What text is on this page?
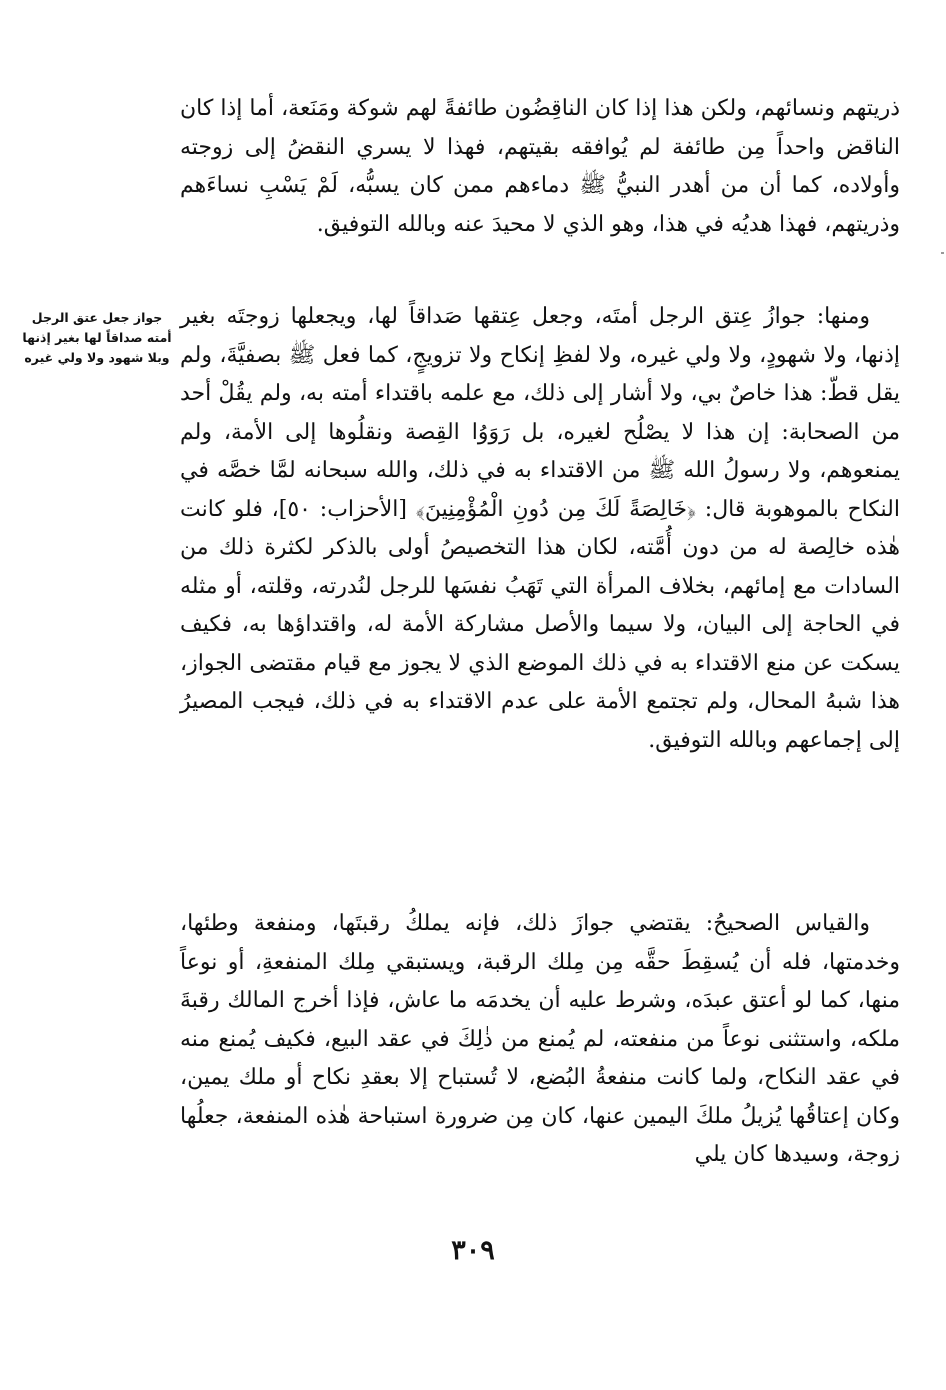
ذريتهم ونسائهم، ولكن هذا إذا كان الناقِضُون طائفةً لهم شوكة ومَنَعة، أما إذا كان الناقض واحداً مِن طائفة لم يُوافقه بقيتهم، فهذا لا يسري النقضُ إلى زوجته وأولاده، كما أن من أهدر النبيُّ ﷺ دماءهم ممن كان يسبُّه، لَمْ يَسْبِ نساءَهم وذريتهم، فهذا هديُه في هذا، وهو الذي لا محيدَ عنه وبالله التوفيق.

جواز جعل عتق الرجل أمته صداقاً لها بغير إذنها وبلا شهود ولا ولي غيره

ومنها: جوازُ عِتق الرجل أمتَه، وجعل عِتقها صَداقاً لها، ويجعلها زوجتَه بغير إذنها، ولا شهودٍ، ولا ولي غيره، ولا لفظِ إنكاح ولا تزويجٍ، كما فعل ﷺ بصفيَّةَ، ولم يقل قطّ: هذا خاصٌ بي، ولا أشار إلى ذلك، مع علمه باقتداء أمته به، ولم يقُلْ أحد من الصحابة: إن هذا لا يصْلُح لغيره، بل رَوَوُا القِصة ونقلُوها إلى الأمة، ولم يمنعوهم، ولا رسولُ الله ﷺ من الاقتداء به في ذلك، والله سبحانه لمَّا خصَّه في النكاح بالموهوبة قال: ﴿خَالِصَةً لَكَ مِن دُونِ الْمُؤْمِنِينَ﴾ [الأحزاب: ٥٠]، فلو كانت هٰذه خالِصة له من دون أُمَّته، لكان هذا التخصيصُ أولى بالذكر لكثرة ذلك من السادات مع إمائهم، بخلاف المرأة التي تَهَبُ نفسَها للرجل لنُدرته، وقلته، أو مثله في الحاجة إلى البيان، ولا سيما والأصل مشاركة الأمة له، واقتداؤها به، فكيف يسكت عن منع الاقتداء به في ذلك الموضع الذي لا يجوز مع قيام مقتضى الجواز، هذا شبهُ المحال، ولم تجتمع الأمة على عدم الاقتداء به في ذلك، فيجب المصيرُ إلى إجماعهم وبالله التوفيق.

والقياس الصحيحُ: يقتضي جوازَ ذلك، فإنه يملكُ رقبتَها، ومنفعة وطئها، وخدمتها، فله أن يُسقِطَ حقَّه مِن مِلك الرقبة، ويستبقي مِلك المنفعةِ، أو نوعاً منها، كما لو أعتق عبدَه، وشرط عليه أن يخدمَه ما عاش، فإذا أخرج المالك رقبةَ ملكه، واستثنى نوعاً من منفعته، لم يُمنع من ذٰلِكَ في عقد البيع، فكيف يُمنع منه في عقد النكاح، ولما كانت منفعةُ البُضع، لا تُستباح إلا بعقدِ نكاح أو ملك يمين، وكان إعتاقُها يُزيلُ ملكَ اليمين عنها، كان مِن ضرورة استباحة هٰذه المنفعة، جعلُها زوجة، وسيدها كان يلي

٣٠٩
